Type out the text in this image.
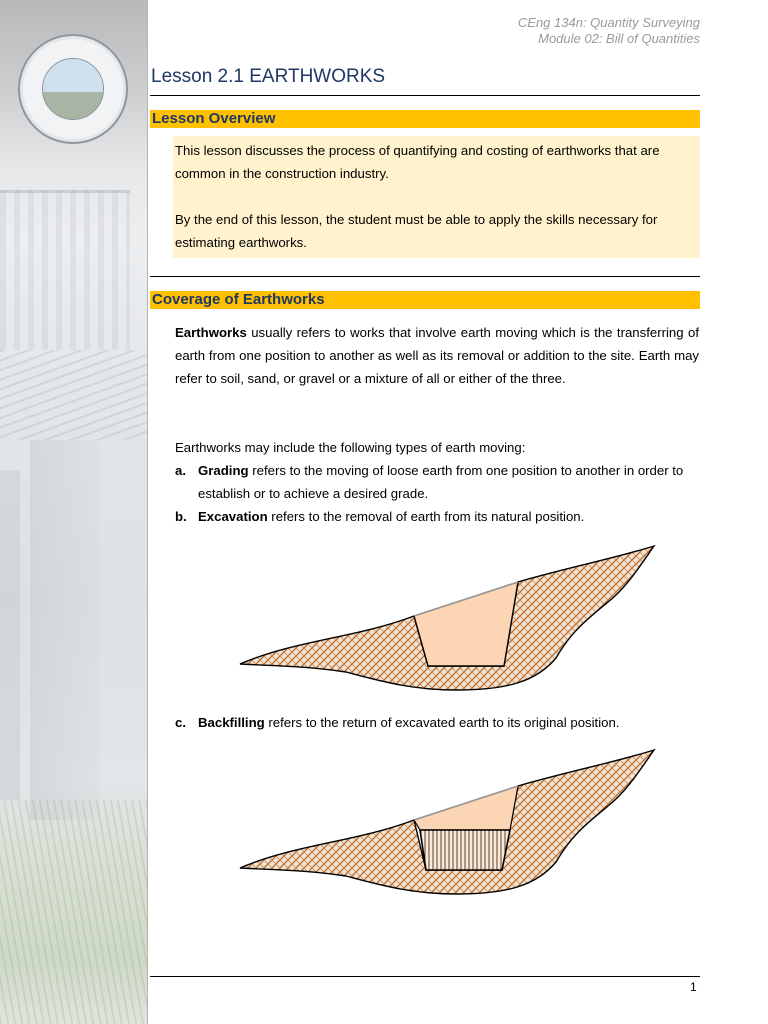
CEng 134n: Quantity Surveying
Module 02: Bill of Quantities
Lesson 2.1 EARTHWORKS
Lesson Overview

This lesson discusses the process of quantifying and costing of earthworks that are common in the construction industry.

By the end of this lesson, the student must be able to apply the skills necessary for estimating earthworks.

Coverage of Earthworks
Earthworks usually refers to works that involve earth moving which is the transferring of earth from one position to another as well as its removal or addition to the site. Earth may refer to soil, sand, or gravel or a mixture of all or either of the three.
Earthworks may include the following types of earth moving:
a. Grading refers to the moving of loose earth from one position to another in order to establish or to achieve a desired grade.
b. Excavation refers to the removal of earth from its natural position.
c. Backfilling refers to the return of excavated earth to its original position.
1
